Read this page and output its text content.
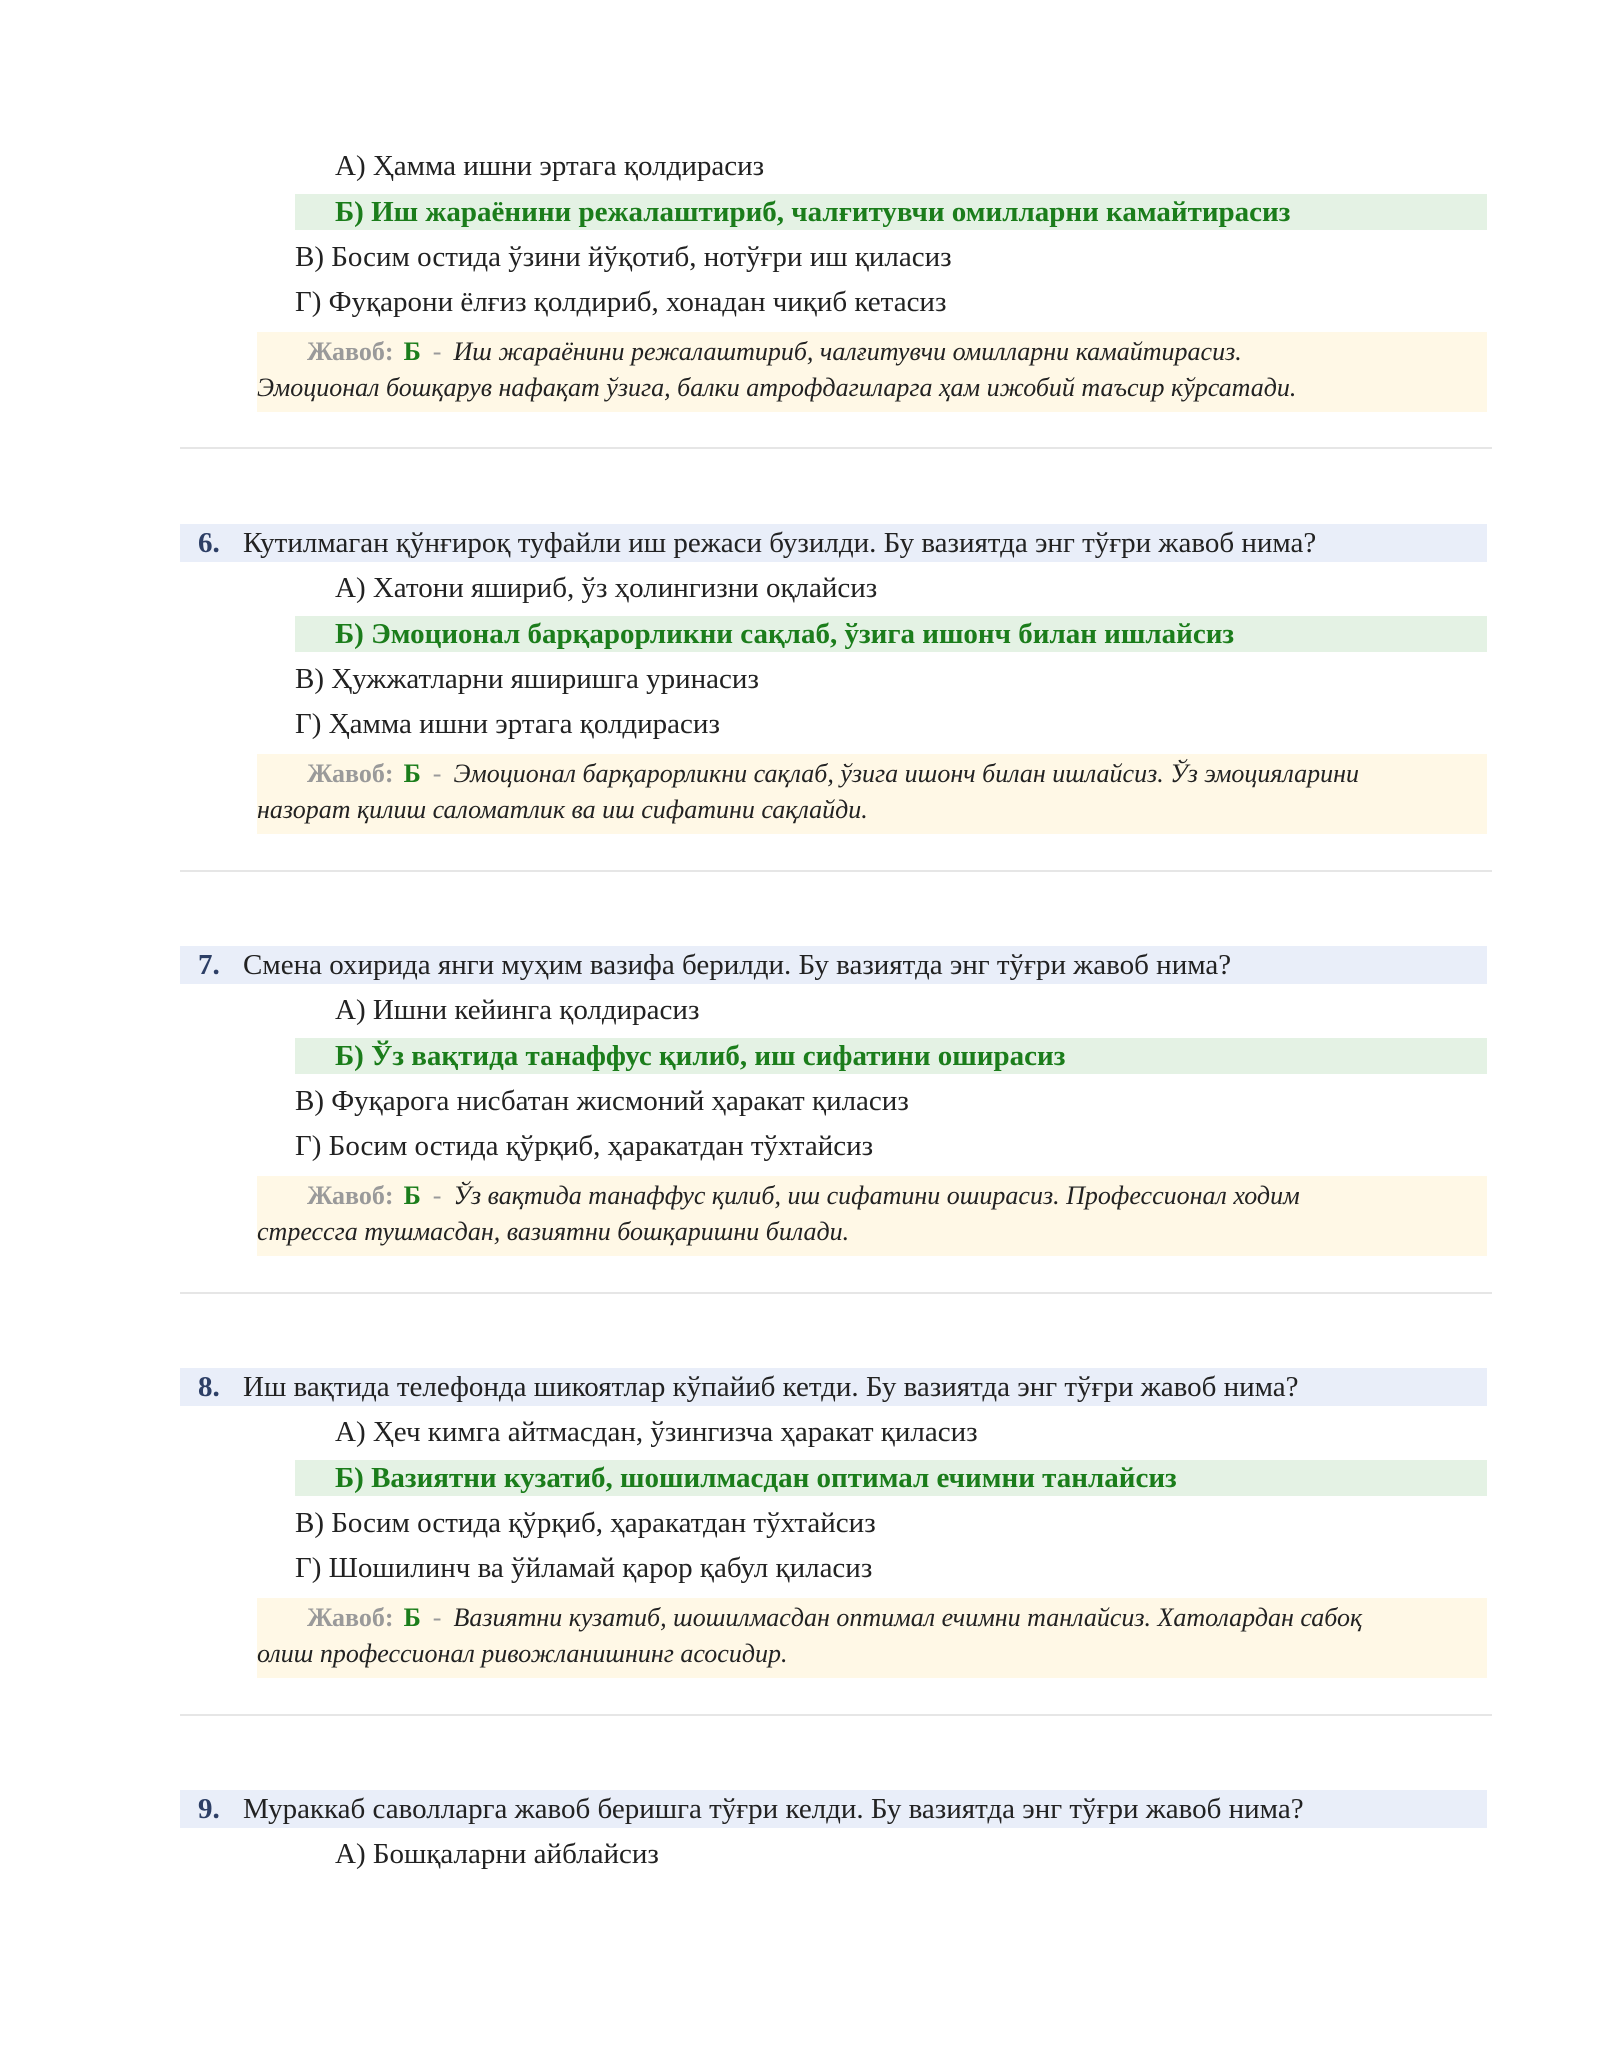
А) Ҳамма ишни эртага қолдирасиз
Б) Иш жараёнини режалаштириб, чалғитувчи омилларни камайтирасиз
В) Босим остида ўзини йўқотиб, нотўғри иш қиласиз
Г) Фуқарони ёлғиз қолдириб, хонадан чиқиб кетасиз
Жавоб: Б - Иш жараёнини режалаштириб, чалғитувчи омилларни камайтирасиз.
Эмоционал бошқарув нафақат ўзига, балки атрофдагиларга ҳам ижобий таъсир кўрсатади.
6. Кутилмаган қўнғироқ туфайли иш режаси бузилди. Бу вазиятда энг тўғри жавоб нима?
А) Хатони яшириб, ўз ҳолингизни оқлайсиз
Б) Эмоционал барқарорликни сақлаб, ўзига ишонч билан ишлайсиз
В) Ҳужжатларни яширишга уринасиз
Г) Ҳамма ишни эртага қолдирасиз
Жавоб: Б - Эмоционал барқарорликни сақлаб, ўзига ишонч билан ишлайсиз. Ўз эмоцияларини
назорат қилиш саломатлик ва иш сифатини сақлайди.
7. Смена охирида янги муҳим вазифа берилди. Бу вазиятда энг тўғри жавоб нима?
А) Ишни кейинга қолдирасиз
Б) Ўз вақтида танаффус қилиб, иш сифатини оширасиз
В) Фуқарога нисбатан жисмоний ҳаракат қиласиз
Г) Босим остида қўрқиб, ҳаракатдан тўхтайсиз
Жавоб: Б - Ўз вақтида танаффус қилиб, иш сифатини оширасиз. Профессионал ходим
стрессга тушмасдан, вазиятни бошқаришни билади.
8. Иш вақтида телефонда шикоятлар кўпайиб кетди. Бу вазиятда энг тўғри жавоб нима?
А) Ҳеч кимга айтмасдан, ўзингизча ҳаракат қиласиз
Б) Вазиятни кузатиб, шошилмасдан оптимал ечимни танлайсиз
В) Босим остида қўрқиб, ҳаракатдан тўхтайсиз
Г) Шошилинч ва ўйламай қарор қабул қиласиз
Жавоб: Б - Вазиятни кузатиб, шошилмасдан оптимал ечимни танлайсиз. Хатолардан сабоқ
олиш профессионал ривожланишнинг асосидир.
9. Мураккаб саволларга жавоб беришга тўғри келди. Бу вазиятда энг тўғри жавоб нима?
А) Бошқаларни айблайсиз
